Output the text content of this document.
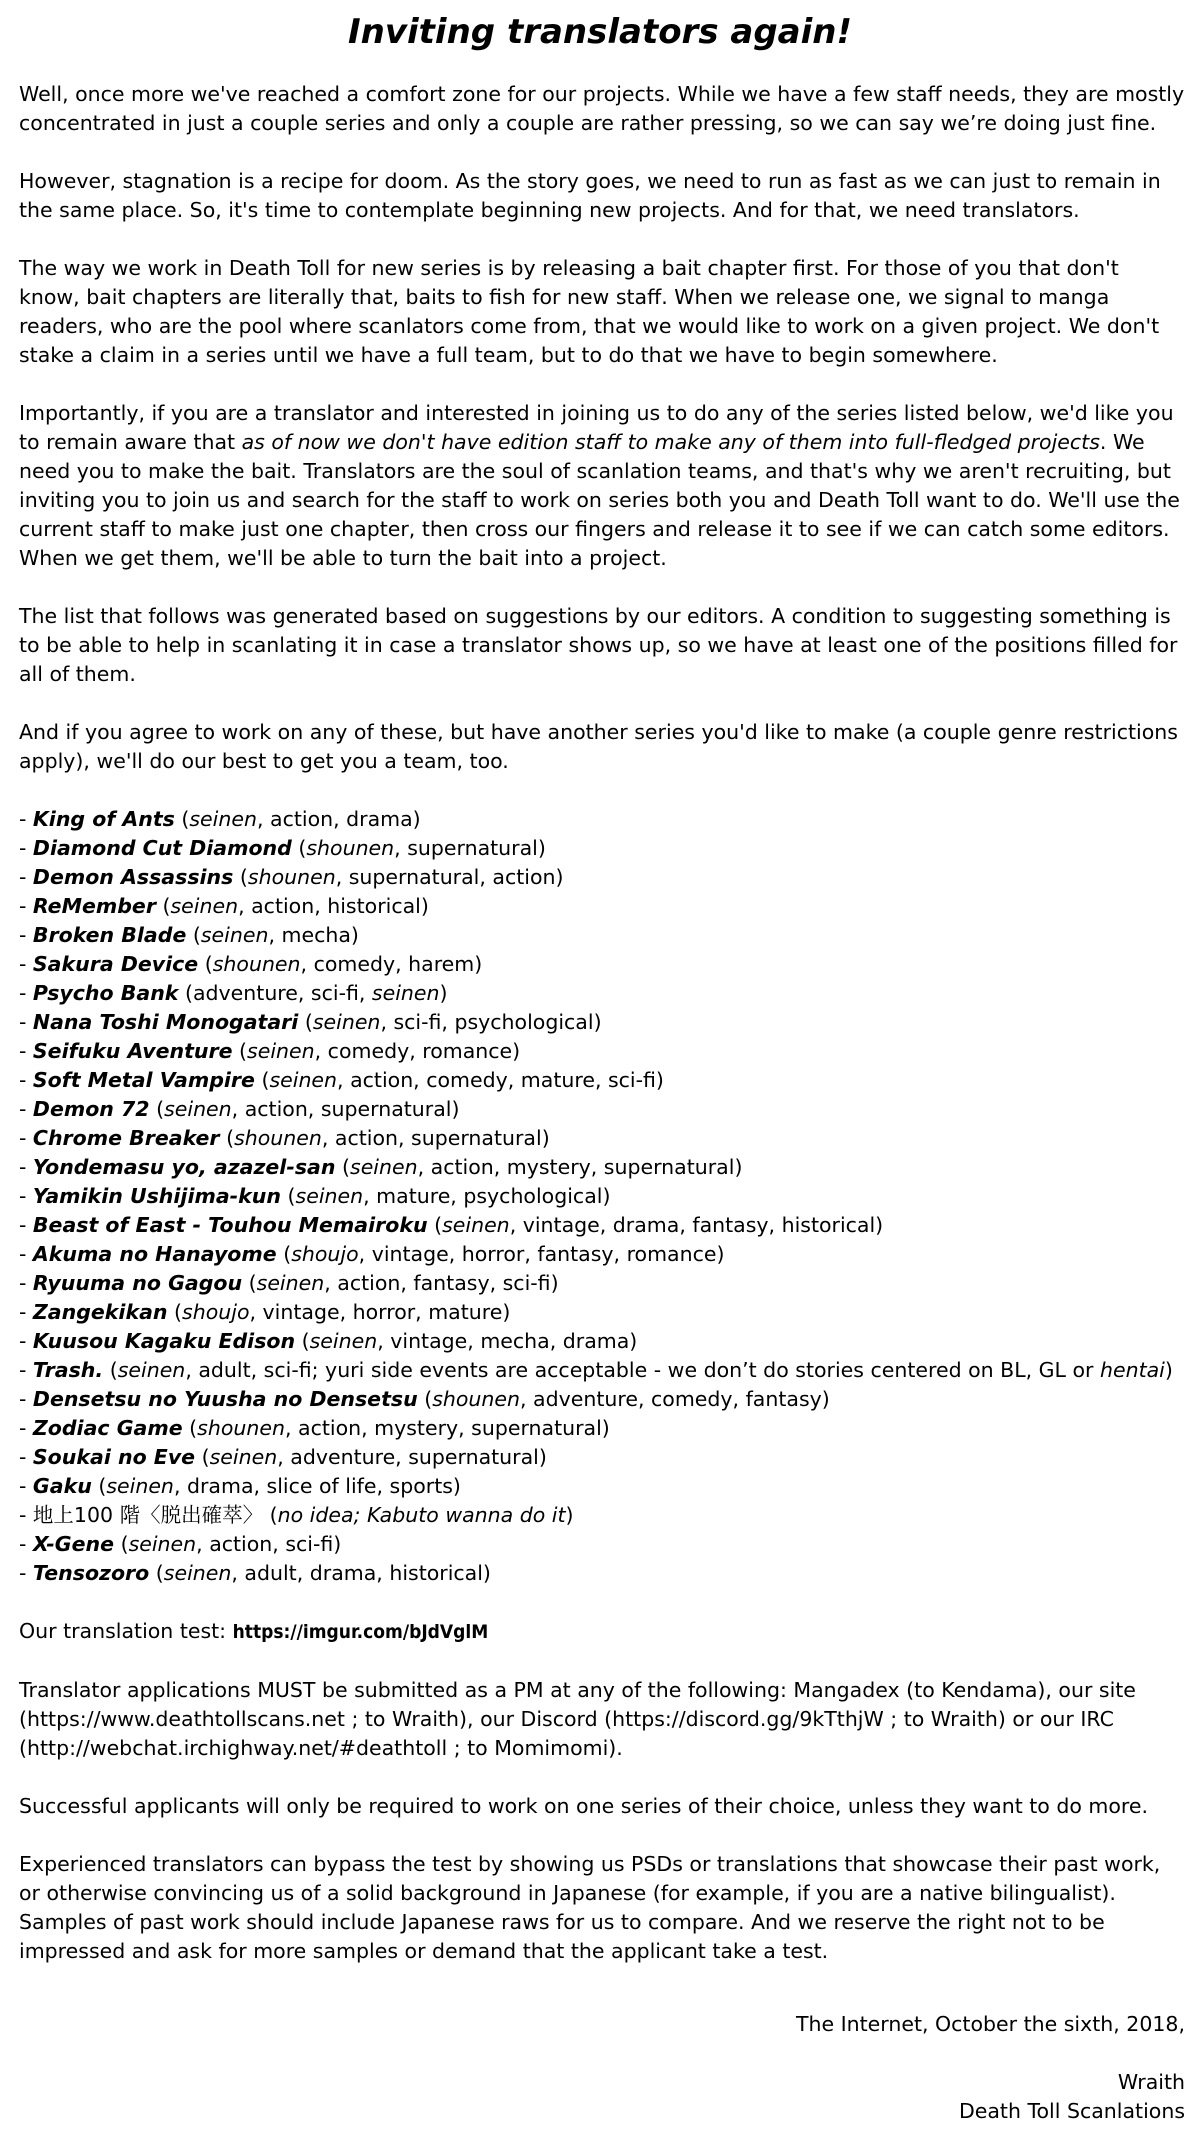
Inviting translators again!

Well, once more we've reached a comfort zone for our projects. While we have a few staff needs, they are mostly concentrated in just a couple series and only a couple are rather pressing, so we can say we’re doing just fine.

However, stagnation is a recipe for doom. As the story goes, we need to run as fast as we can just to remain in the same place. So, it's time to contemplate beginning new projects. And for that, we need translators.

The way we work in Death Toll for new series is by releasing a bait chapter first. For those of you that don't know, bait chapters are literally that, baits to fish for new staff. When we release one, we signal to manga readers, who are the pool where scanlators come from, that we would like to work on a given project. We don't stake a claim in a series until we have a full team, but to do that we have to begin somewhere.

Importantly, if you are a translator and interested in joining us to do any of the series listed below, we'd like you to remain aware that as of now we don't have edition staff to make any of them into full-fledged projects. We need you to make the bait. Translators are the soul of scanlation teams, and that's why we aren't recruiting, but inviting you to join us and search for the staff to work on series both you and Death Toll want to do. We'll use the current staff to make just one chapter, then cross our fingers and release it to see if we can catch some editors. When we get them, we'll be able to turn the bait into a project.

The list that follows was generated based on suggestions by our editors. A condition to suggesting something is to be able to help in scanlating it in case a translator shows up, so we have at least one of the positions filled for all of them.

And if you agree to work on any of these, but have another series you'd like to make (a couple genre restrictions apply), we'll do our best to get you a team, too.

- King of Ants (seinen, action, drama)
- Diamond Cut Diamond (shounen, supernatural)
- Demon Assassins (shounen, supernatural, action)
- ReMember (seinen, action, historical)
- Broken Blade (seinen, mecha)
- Sakura Device (shounen, comedy, harem)
- Psycho Bank (adventure, sci-fi, seinen)
- Nana Toshi Monogatari (seinen, sci-fi, psychological)
- Seifuku Aventure (seinen, comedy, romance)
- Soft Metal Vampire (seinen, action, comedy, mature, sci-fi)
- Demon 72 (seinen, action, supernatural)
- Chrome Breaker (shounen, action, supernatural)
- Yondemasu yo, azazel-san (seinen, action, mystery, supernatural)
- Yamikin Ushijima-kun (seinen, mature, psychological)
- Beast of East - Touhou Memairoku (seinen, vintage, drama, fantasy, historical)
- Akuma no Hanayome (shoujo, vintage, horror, fantasy, romance)
- Ryuuma no Gagou (seinen, action, fantasy, sci-fi)
- Zangekikan (shoujo, vintage, horror, mature)
- Kuusou Kagaku Edison (seinen, vintage, mecha, drama)
- Trash. (seinen, adult, sci-fi; yuri side events are acceptable - we don’t do stories centered on BL, GL or hentai)
- Densetsu no Yuusha no Densetsu (shounen, adventure, comedy, fantasy)
- Zodiac Game (shounen, action, mystery, supernatural)
- Soukai no Eve (seinen, adventure, supernatural)
- Gaku (seinen, drama, slice of life, sports)
- 地上100 階〈脱出確萃〉 (no idea; Kabuto wanna do it)
- X-Gene (seinen, action, sci-fi)
- Tensozoro (seinen, adult, drama, historical)

Our translation test: https://imgur.com/bJdVglM

Translator applications MUST be submitted as a PM at any of the following: Mangadex (to Kendama), our site (https://www.deathtollscans.net ; to Wraith), our Discord (https://discord.gg/9kTthjW ; to Wraith) or our IRC (http://webchat.irchighway.net/#deathtoll ; to Momimomi).

Successful applicants will only be required to work on one series of their choice, unless they want to do more.

Experienced translators can bypass the test by showing us PSDs or translations that showcase their past work, or otherwise convincing us of a solid background in Japanese (for example, if you are a native bilingualist). Samples of past work should include Japanese raws for us to compare. And we reserve the right not to be impressed and ask for more samples or demand that the applicant take a test.

The Internet, October the sixth, 2018,
Wraith
Death Toll Scanlations
